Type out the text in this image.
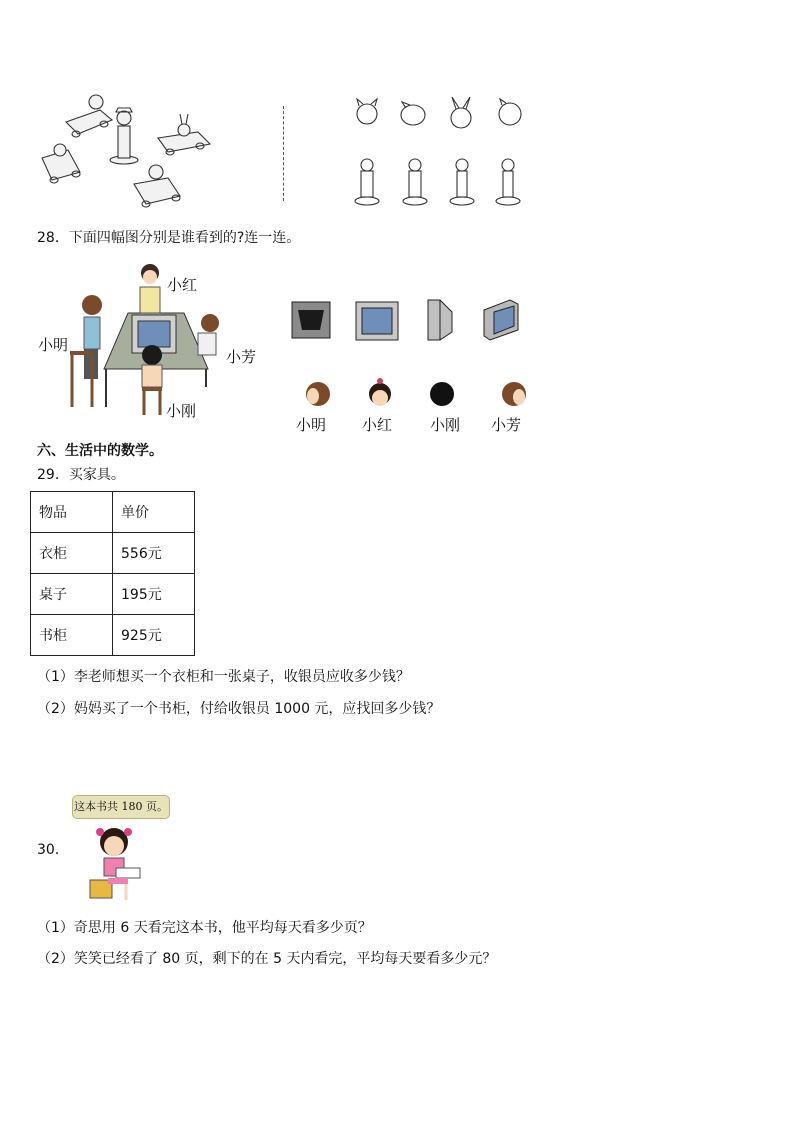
28．下面四幅图分别是谁看到的?连一连。
小红
小明
小芳
小刚
小明 小红	小刚 小芳
六、生活中的数学。
29．买家具。
物品	单价
衣柜	556元
桌子	195元
书柜	925元
（1）李老师想买一个衣柜和一张桌子，收银员应收多少钱？
（2）妈妈买了一个书柜，付给收银员 1000 元，应找回多少钱？
这本书共 180 页。
30．
（1）奇思用 6 天看完这本书，他平均每天看多少页？
（2）笑笑已经看了 80 页，剩下的在 5 天内看完，平均每天要看多少元？
